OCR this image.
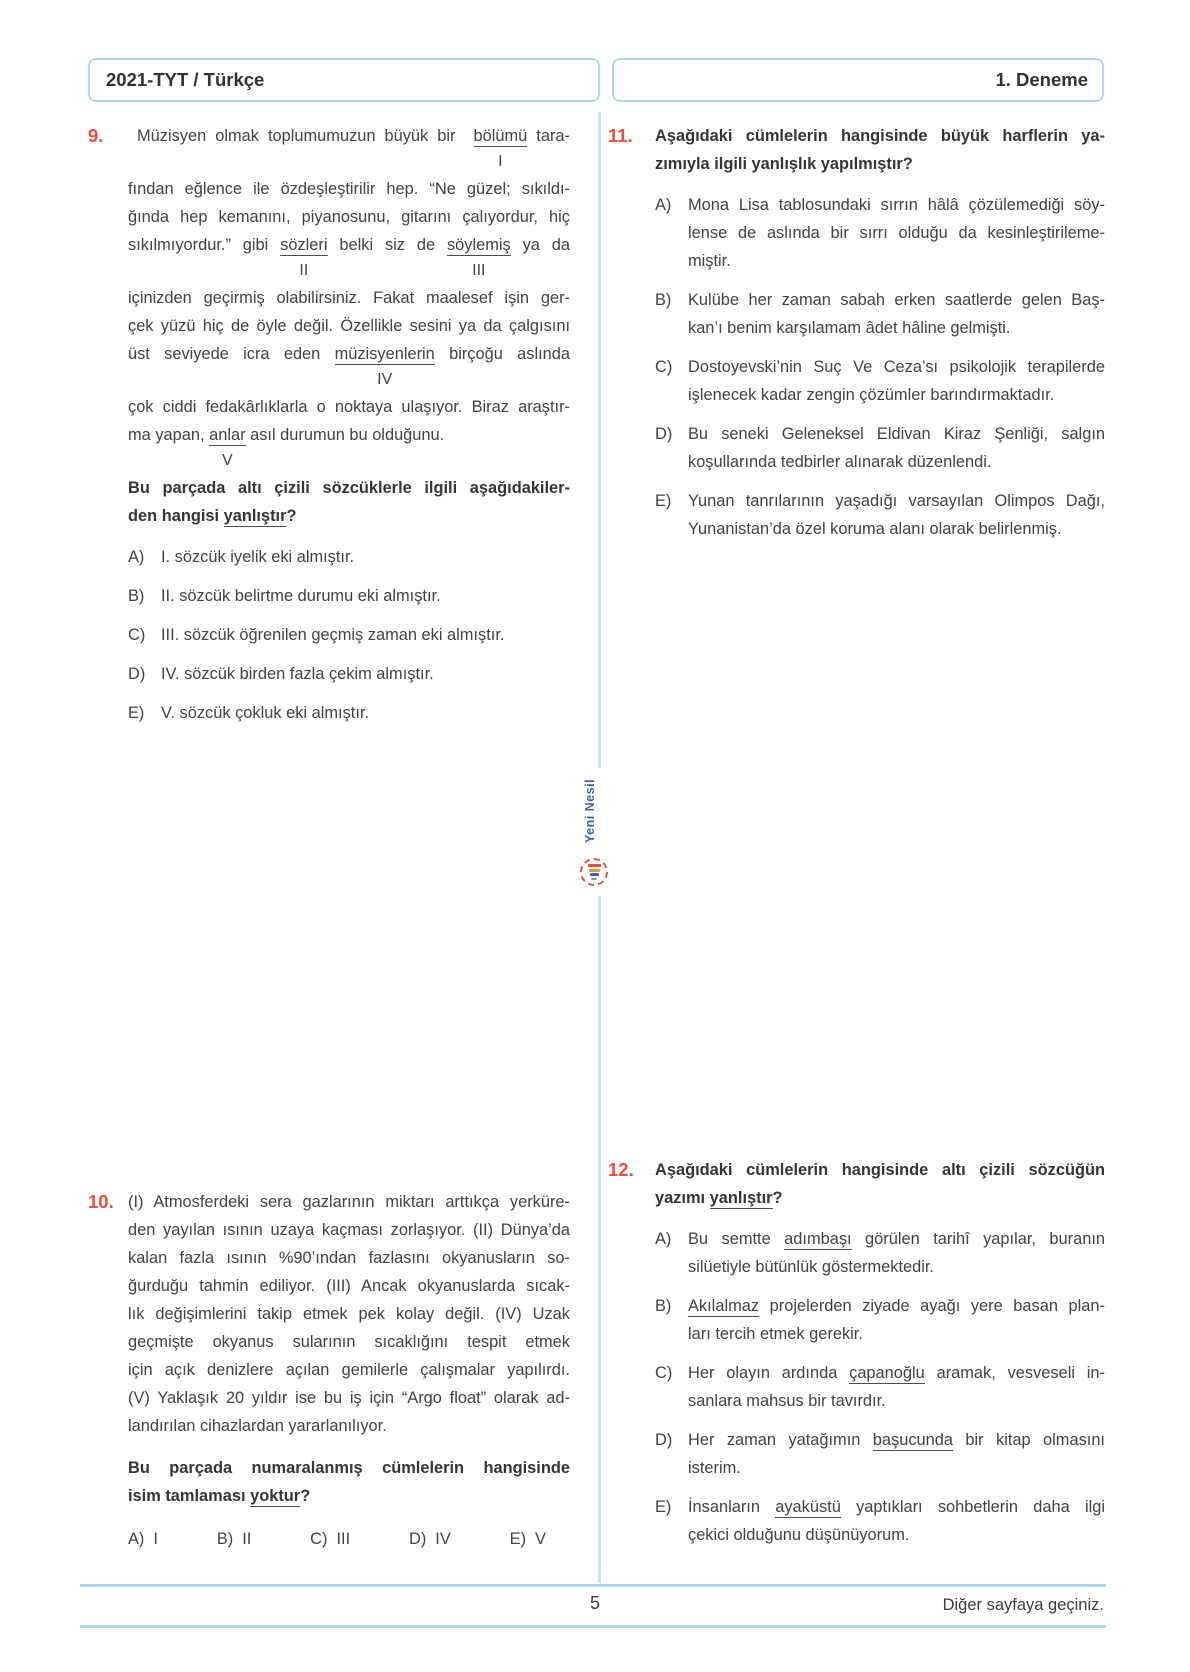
2021-TYT / Türkçe	1. Deneme
Yeni Nesil
9.	Müzisyen olmak toplumumuzun büyük bir bölümü
I
tara-
fından eğlence ile özdeşleştirilir hep. “Ne güzel; sıkıldı-
ğında hep kemanını, piyanosunu, gitarını çalıyordur, hiç
sıkılmıyordur.” gibi sözleri
II
belki siz de söylemiş
III
ya da
içinizden geçirmiş olabilirsiniz. Fakat maalesef işin ger-
çek yüzü hiç de öyle değil. Özellikle sesini ya da çalgısını
üst seviyede icra eden müzisyenlerin
IV
birçoğu aslında
çok ciddi fedakârlıklarla o noktaya ulaşıyor. Biraz araştır-
ma yapan, anlar
V
asıl durumun bu olduğunu.
Bu parçada altı çizili sözcüklerle ilgili aşağıdakiler-
den hangisi yanlıştır?
A)	I. sözcük iyelik eki almıştır.
B)	II. sözcük belirtme durumu eki almıştır.
C) III. sözcük öğrenilen geçmiş zaman eki almıştır.
D) IV. sözcük birden fazla çekim almıştır.
E)	V. sözcük çokluk eki almıştır.
10. (I) Atmosferdeki sera gazlarının miktarı arttıkça yerküre-
den yayılan ısının uzaya kaçması zorlaşıyor. (II) Dünya’da
kalan fazla ısının %90’ından fazlasını okyanusların so-
ğurduğu tahmin ediliyor. (III) Ancak okyanuslarda sıcak-
lık değişimlerini takip etmek pek kolay değil. (IV) Uzak
geçmişte okyanus sularının sıcaklığını tespit etmek
için açık denizlere açılan gemilerle çalışmalar yapılırdı.
(V) Yaklaşık 20 yıldır ise bu iş için “Argo float” olarak ad-
landırılan cihazlardan yararlanılıyor.
Bu parçada numaralanmış cümlelerin hangisinde
isim tamlaması yoktur?
A) I	B) II	C) III	D) IV	E) V
11.	Aşağıdaki cümlelerin hangisinde büyük harflerin ya-
zımıyla ilgili yanlışlık yapılmıştır?
A)	Mona Lisa tablosundaki sırrın hâlâ çözülemediği söy-
lense de aslında bir sırrı olduğu da kesinleştirileme-
miştir.
B)	Kulübe her zaman sabah erken saatlerde gelen Baş-
kan’ı benim karşılamam âdet hâline gelmişti.
C) Dostoyevski’nin Suç Ve Ceza’sı psikolojik terapilerde
işlenecek kadar zengin çözümler barındırmaktadır.
D) Bu seneki Geleneksel Eldivan Kiraz Şenliği, salgın
koşullarında tedbirler alınarak düzenlendi.
E)	Yunan tanrılarının yaşadığı varsayılan Olimpos Dağı,
Yunanistan’da özel koruma alanı olarak belirlenmiş.
12.	Aşağıdaki cümlelerin hangisinde altı çizili sözcüğün
yazımı yanlıştır?
A)	Bu semtte adımbaşı görülen tarihî yapılar, buranın
silüetiyle bütünlük göstermektedir.
B)	Akılalmaz projelerden ziyade ayağı yere basan plan-
ları tercih etmek gerekir.
C) Her olayın ardında çapanoğlu aramak, vesveseli in-
sanlara mahsus bir tavırdır.
D) Her zaman yatağımın başucunda bir kitap olmasını
isterim.
E)	İnsanların ayaküstü yaptıkları sohbetlerin daha ilgi
çekici olduğunu düşünüyorum.
5	Diğer sayfaya geçiniz.
